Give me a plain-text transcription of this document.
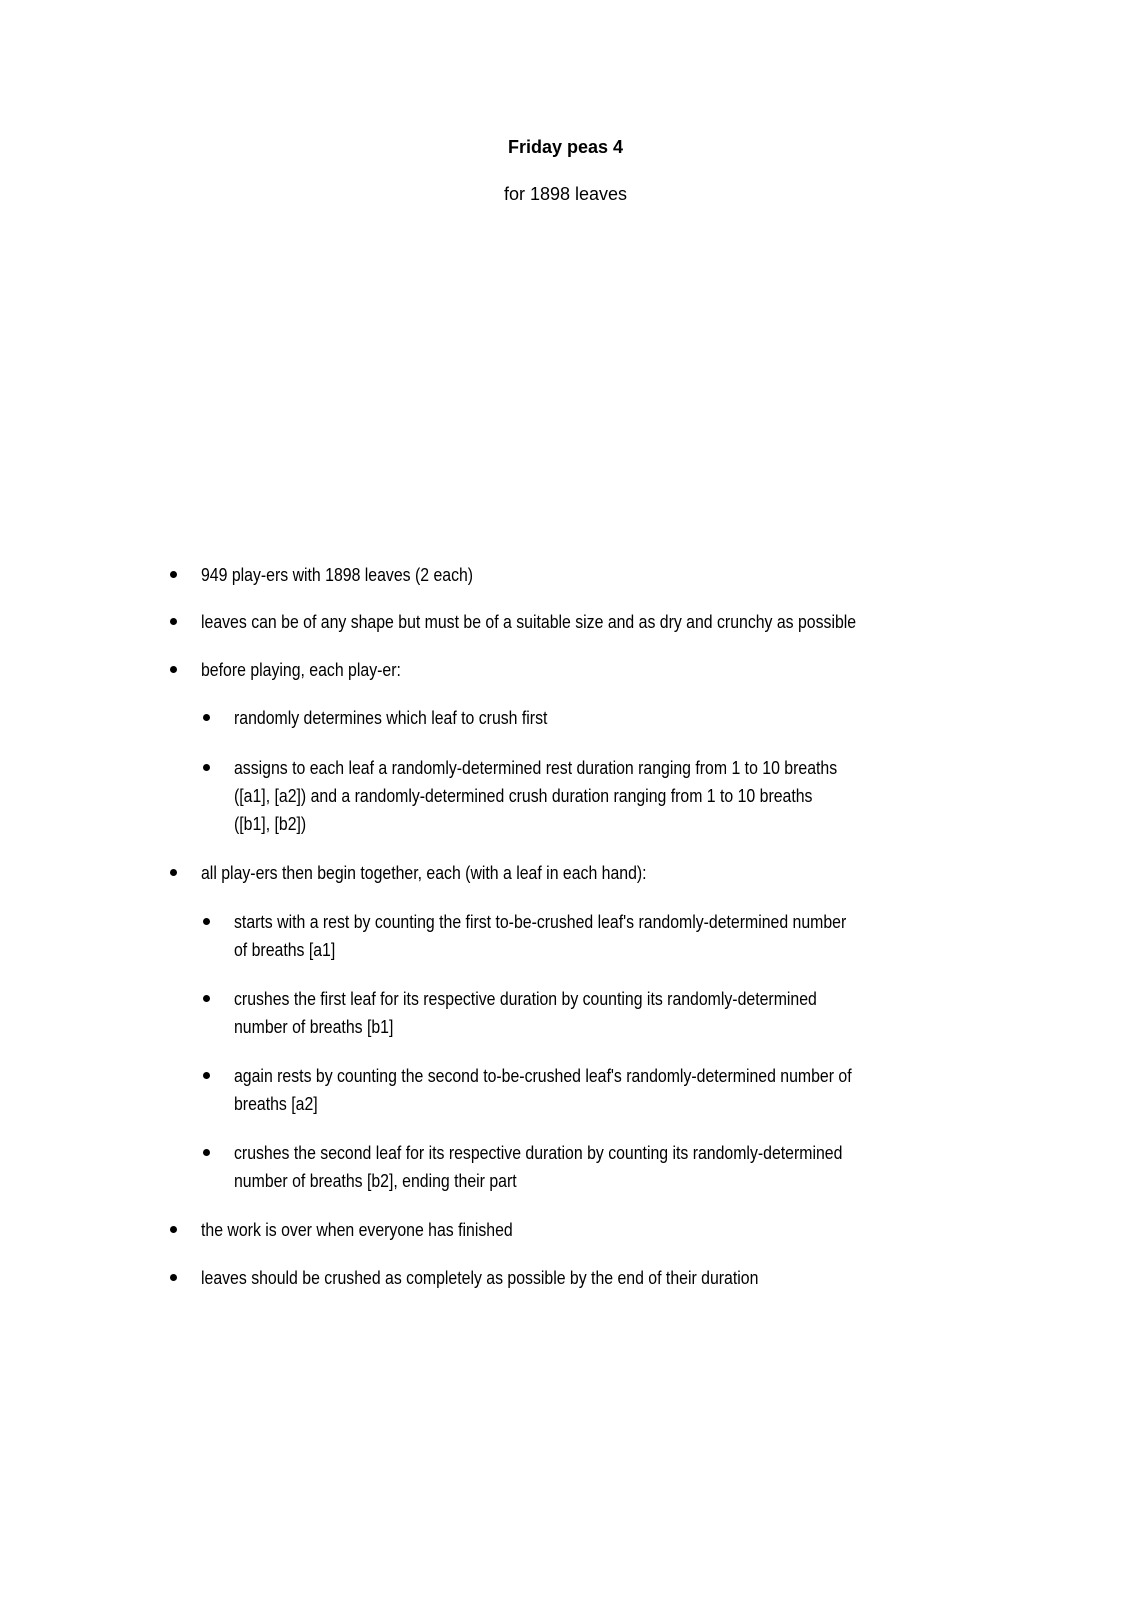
Friday peas 4
for 1898 leaves
949 play-ers with 1898 leaves (2 each)
leaves can be of any shape but must be of a suitable size and as dry and crunchy as possible
before playing, each play-er:
randomly determines which leaf to crush first
assigns to each leaf a randomly-determined rest duration ranging from 1 to 10 breaths
([a1], [a2]) and a randomly-determined crush duration ranging from 1 to 10 breaths
([b1], [b2])
all play-ers then begin together, each (with a leaf in each hand):
starts with a rest by counting the first to-be-crushed leaf's randomly-determined number
of breaths [a1]
crushes the first leaf for its respective duration by counting its randomly-determined
number of breaths [b1]
again rests by counting the second to-be-crushed leaf's randomly-determined number of
breaths [a2]
crushes the second leaf for its respective duration by counting its randomly-determined
number of breaths [b2], ending their part
the work is over when everyone has finished
leaves should be crushed as completely as possible by the end of their duration
